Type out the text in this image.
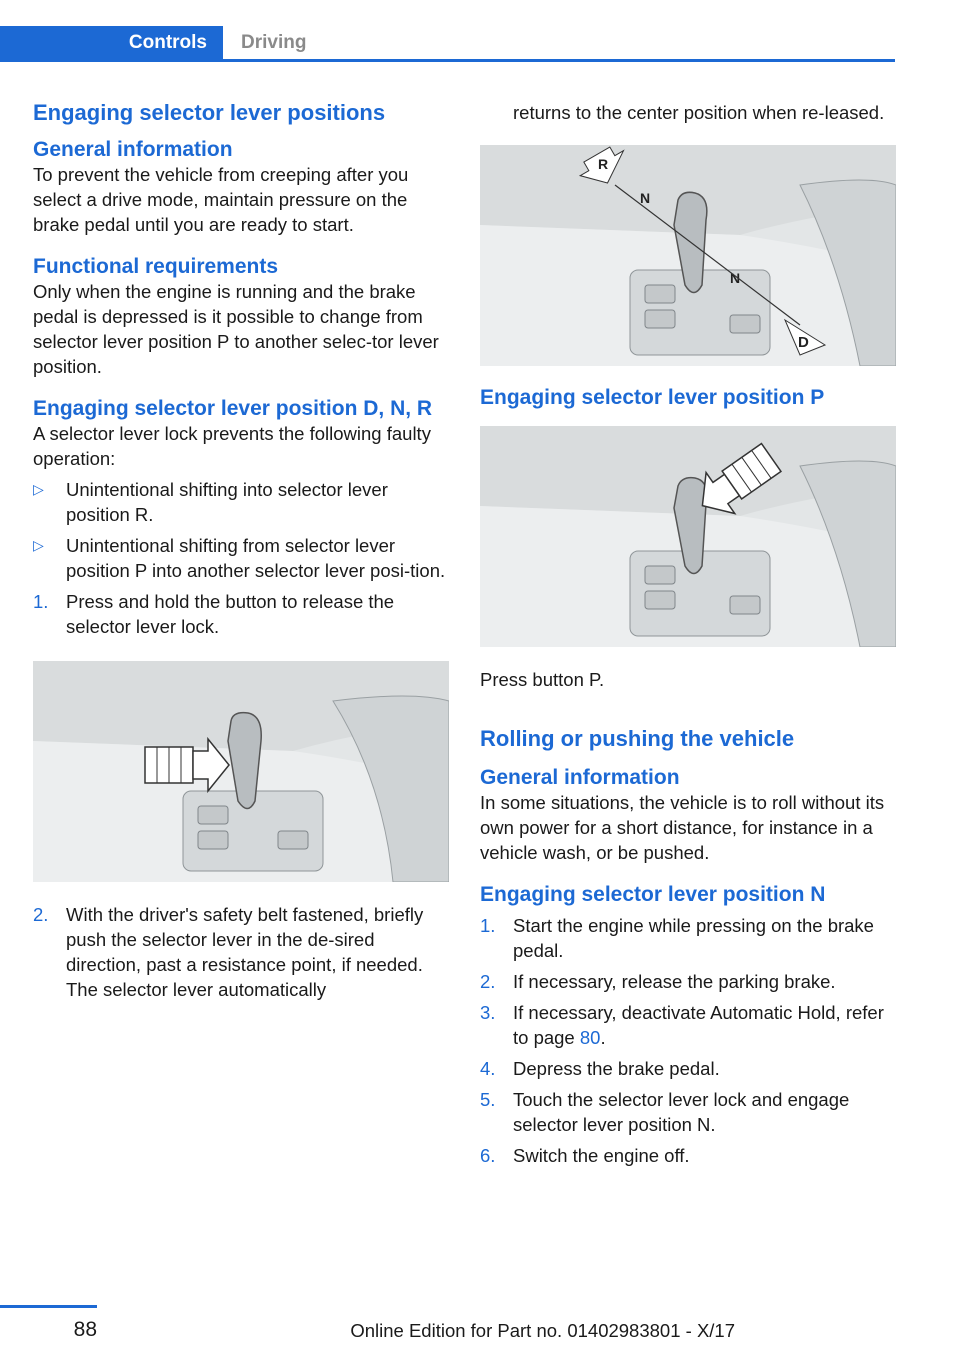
Controls	Driving
Engaging selector lever positions
General information

To prevent the vehicle from creeping after you select a drive mode, maintain pressure on the brake pedal until you are ready to start.

Functional requirements

Only when the engine is running and the brake pedal is depressed is it possible to change from selector lever position P to another selec-tor lever position.

Engaging selector lever position D, N, R

A selector lever lock prevents the following faulty operation:

▷	Unintentional shifting into selector lever position R.
▷	Unintentional shifting from selector lever position P into another selector lever posi-tion.
1. Press and hold the button to release the selector lever lock.
2. With the driver's safety belt fastened, briefly push the selector lever in the de-sired direction, past a resistance point, if needed. The selector lever automatically

returns to the center position when re-leased.

R
N
N
D
Engaging selector lever position P

Press button P.

Rolling or pushing the vehicle
General information

In some situations, the vehicle is to roll without its own power for a short distance, for instance in a vehicle wash, or be pushed.

Engaging selector lever position N
1. Start the engine while pressing on the brake pedal.
2. If necessary, release the parking brake.
3. If necessary, deactivate Automatic Hold, refer to page 80.
4. Depress the brake pedal.
5. Touch the selector lever lock and engage selector lever position N.
6. Switch the engine off.
88	Online Edition for Part no. 01402983801 - X/17
